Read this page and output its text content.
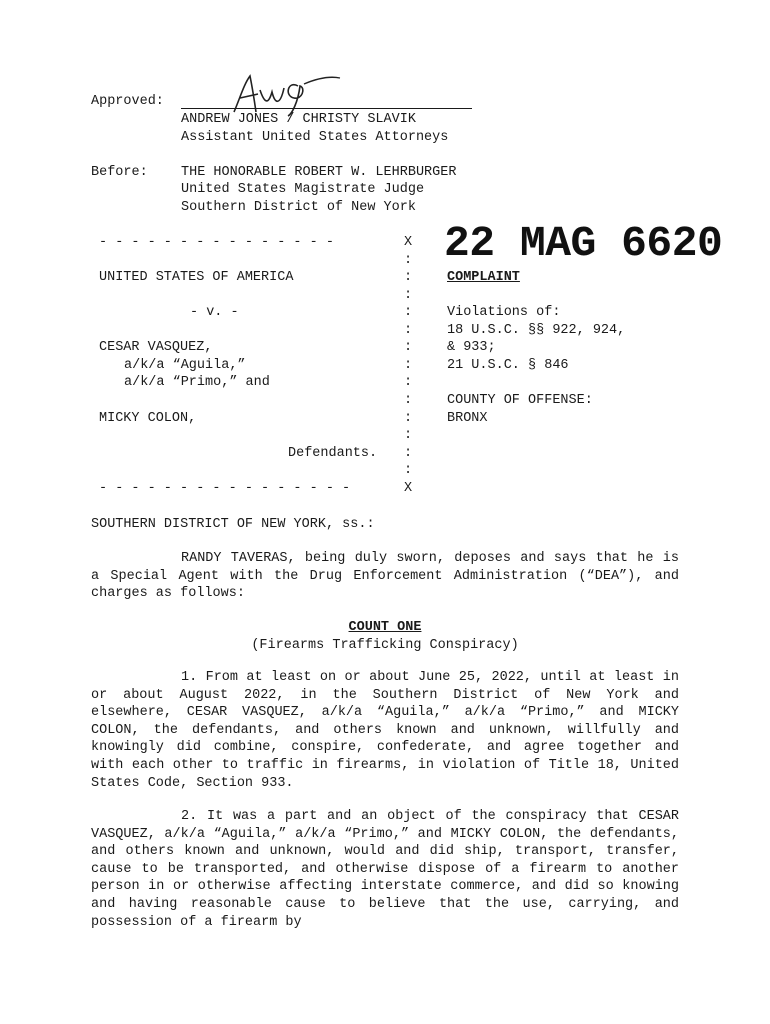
Approved:
ANDREW JONES / CHRISTY SLAVIK
Assistant United States Attorneys
Before: THE HONORABLE ROBERT W. LEHRBURGER
United States Magistrate Judge
Southern District of New York
22 MAG 6620
- - - - - - - - - - - - - - -
UNITED STATES OF AMERICA
- v. -
CESAR VASQUEZ,
a/k/a “Aguila,”
a/k/a “Primo,” and
MICKY COLON,
Defendants.
- - - - - - - - - - - - - - - -
X
:
:
:
:
:
:
:
:
:
:
:
:
:
X
COMPLAINT
Violations of:
18 U.S.C. §§ 922, 924,
& 933;
21 U.S.C. § 846
COUNTY OF OFFENSE:
BRONX
SOUTHERN DISTRICT OF NEW YORK, ss.:
RANDY TAVERAS, being duly sworn, deposes and says that he is a Special Agent with the Drug Enforcement Administration (“DEA”), and charges as follows:
COUNT ONE
(Firearms Trafficking Conspiracy)
1. From at least on or about June 25, 2022, until at least in or about August 2022, in the Southern District of New York and elsewhere, CESAR VASQUEZ, a/k/a “Aguila,” a/k/a “Primo,” and MICKY COLON, the defendants, and others known and unknown, willfully and knowingly did combine, conspire, confederate, and agree together and with each other to traffic in firearms, in violation of Title 18, United States Code, Section 933.
2. It was a part and an object of the conspiracy that CESAR VASQUEZ, a/k/a “Aguila,” a/k/a “Primo,” and MICKY COLON, the defendants, and others known and unknown, would and did ship, transport, transfer, cause to be transported, and otherwise dispose of a firearm to another person in or otherwise affecting interstate commerce, and did so knowing and having reasonable cause to believe that the use, carrying, and possession of a firearm by
